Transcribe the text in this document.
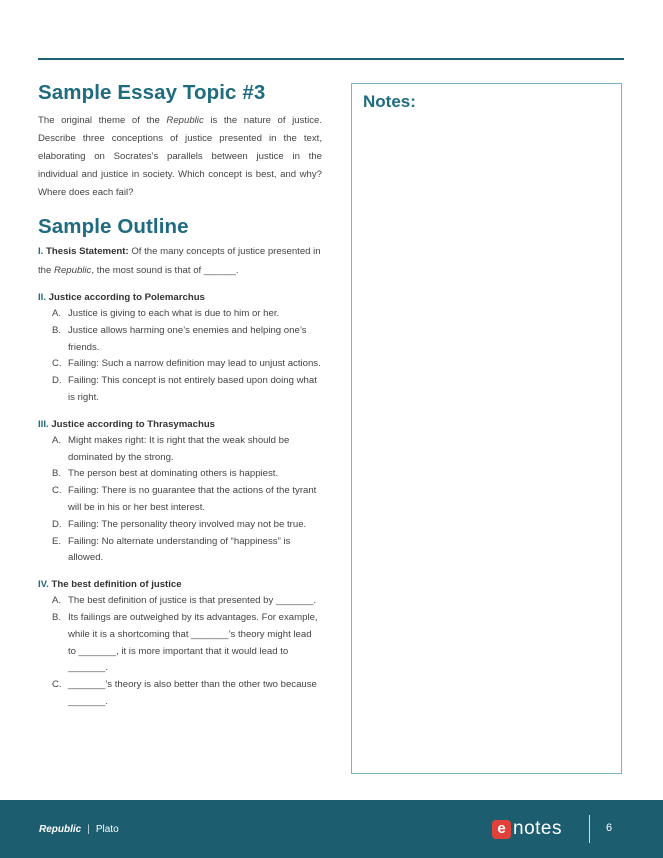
Sample Essay Topic #3
The original theme of the Republic is the nature of justice. Describe three conceptions of justice presented in the text, elaborating on Socrates’s parallels between justice in the individual and justice in society. Which concept is best, and why? Where does each fail?
Sample Outline
I. Thesis Statement: Of the many concepts of justice presented in the Republic, the most sound is that of ______.
II. Justice according to Polemarchus
A. Justice is giving to each what is due to him or her.
B. Justice allows harming one’s enemies and helping one’s friends.
C. Failing: Such a narrow definition may lead to unjust actions.
D. Failing: This concept is not entirely based upon doing what is right.
III. Justice according to Thrasymachus
A. Might makes right: It is right that the weak should be dominated by the strong.
B. The person best at dominating others is happiest.
C. Failing: There is no guarantee that the actions of the tyrant will be in his or her best interest.
D. Failing: The personality theory involved may not be true.
E. Failing: No alternate understanding of “happiness” is allowed.
IV. The best definition of justice
A. The best definition of justice is that presented by _______.
B. Its failings are outweighed by its advantages. For example, while it is a shortcoming that _______’s theory might lead to _______, it is more important that it would lead to _______.
C. _______’s theory is also better than the other two because _______.
Notes:
Republic | Plato	e notes	6
